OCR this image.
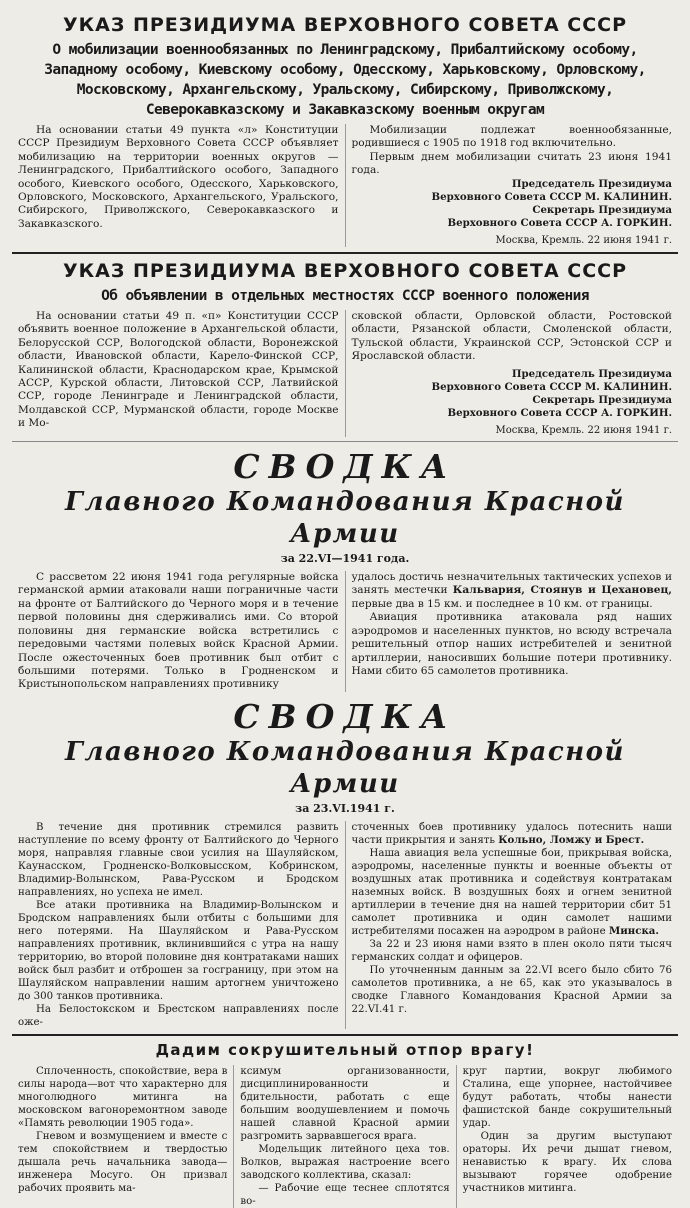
УКАЗ ПРЕЗИДИУМА ВЕРХОВНОГО СОВЕТА СССР
О мобилизации военнообязанных по Ленинградскому, Прибалтийскому особому, Западному особому, Киевскому особому, Одесскому, Харьковскому, Орловскому, Московскому, Архангельскому, Уральскому, Сибирскому, Приволжскому, Северокавказскому и Закавказскому военным округам

На основании статьи 49 пункта «л» Конституции СССР Президиум Верховного Совета СССР объявляет мобилизацию на территории военных округов — Ленинградского, Прибалтийского особого, Западного особого, Киевского особого, Одесского, Харьковского, Орловского, Московского, Архангельского, Уральского, Сибирского, Приволжского, Северокавказского и Закавказского.

Мобилизации подлежат военнообязанные, родившиеся с 1905 по 1918 год включительно.

Первым днем мобилизации считать 23 июня 1941 года.

Председатель Президиума
Верховного Совета СССР М. КАЛИНИН.
Секретарь Президиума
Верховного Совета СССР А. ГОРКИН.
Москва, Кремль. 22 июня 1941 г.
УКАЗ ПРЕЗИДИУМА ВЕРХОВНОГО СОВЕТА СССР
Об объявлении в отдельных местностях СССР военного положения

На основании статьи 49 п. «п» Конституции СССР объявить военное положение в Архангельской области, Белорусской ССР, Вологодской области, Воронежской области, Ивановской области, Карело-Финской ССР, Калининской области, Краснодарском крае, Крымской АССР, Курской области, Литовской ССР, Латвийской ССР, городе Ленинграде и Ленинградской области, Молдавской ССР, Мурманской области, городе Москве и Мо-

сковской области, Орловской области, Ростовской области, Рязанской области, Смоленской области, Тульской области, Украинской ССР, Эстонской ССР и Ярославской области.

Председатель Президиума
Верховного Совета СССР М. КАЛИНИН.
Секретарь Президиума
Верховного Совета СССР А. ГОРКИН.
Москва, Кремль. 22 июня 1941 г.
СВОДКА
Главного Командования Красной Армии
за 22.VI—1941 года.

С рассветом 22 июня 1941 года регулярные войска германской армии атаковали наши пограничные части на фронте от Балтийского до Черного моря и в течение первой половины дня сдерживались ими. Со второй половины дня германские войска встретились с передовыми частями полевых войск Красной Армии. После ожесточенных боев противник был отбит с большими потерями. Только в Гродненском и Кристынопольском направлениях противнику

удалось достичь незначительных тактических успехов и занять местечки Кальвария, Стоянув и Цехановец, первые два в 15 км. и последнее в 10 км. от границы.

Авиация противника атаковала ряд наших аэродромов и населенных пунктов, но всюду встречала решительный отпор наших истребителей и зенитной артиллерии, наносивших большие потери противнику. Нами сбито 65 самолетов противника.

СВОДКА
Главного Командования Красной Армии
за 23.VI.1941 г.

В течение дня противник стремился развить наступление по всему фронту от Балтийского до Черного моря, направляя главные свои усилия на Шауляйском, Каунасском, Гродненско-Волковысском, Кобринском, Владимир-Волынском, Рава-Русском и Бродском направлениях, но успеха не имел.

Все атаки противника на Владимир-Волынском и Бродском направлениях были отбиты с большими для него потерями. На Шауляйском и Рава-Русском направлениях противник, вклинившийся с утра на нашу территорию, во второй половине дня контратаками наших войск был разбит и отброшен за госграницу, при этом на Шауляйском направлении нашим артогнем уничтожено до 300 танков противника.

На Белостокском и Брестском направлениях после оже-

сточенных боев противнику удалось потеснить наши части прикрытия и занять Кольно, Ломжу и Брест.

Наша авиация вела успешные бои, прикрывая войска, аэродромы, населенные пункты и военные объекты от воздушных атак противника и содействуя контратакам наземных войск. В воздушных боях и огнем зенитной артиллерии в течение дня на нашей территории сбит 51 самолет противника и один самолет нашими истребителями посажен на аэродром в районе Минска.

За 22 и 23 июня нами взято в плен около пяти тысяч германских солдат и офицеров.

По уточненным данным за 22.VI всего было сбито 76 самолетов противника, а не 65, как это указывалось в сводке Главного Командования Красной Армии за 22.VI.41 г.

Дадим сокрушительный отпор врагу!

Сплоченность, спокойствие, вера в силы народа—вот что характерно для многолюдного митинга на московском вагоноремонтном заводе «Память революции 1905 года».

Гневом и возмущением и вместе с тем спокойствием и твердостью дышала речь начальника завода—инженера Мосуго. Он призвал рабочих проявить ма-

ксимум организованности, дисциплинированности и бдительности, работать с еще большим воодушевлением и помочь нашей славной Красной армии разгромить зарвавшегося врага.

Модельщик литейного цеха тов. Волков, выражая настроение всего заводского коллектива, сказал:

— Рабочие еще теснее сплотятся во-

круг партии, вокруг любимого Сталина, еще упорнее, настойчивее будут работать, чтобы нанести фашистской банде сокрушительный удар.

Один за другим выступают ораторы. Их речи дышат гневом, ненавистью к врагу. Их слова вызывают горячее одобрение участников митинга.
